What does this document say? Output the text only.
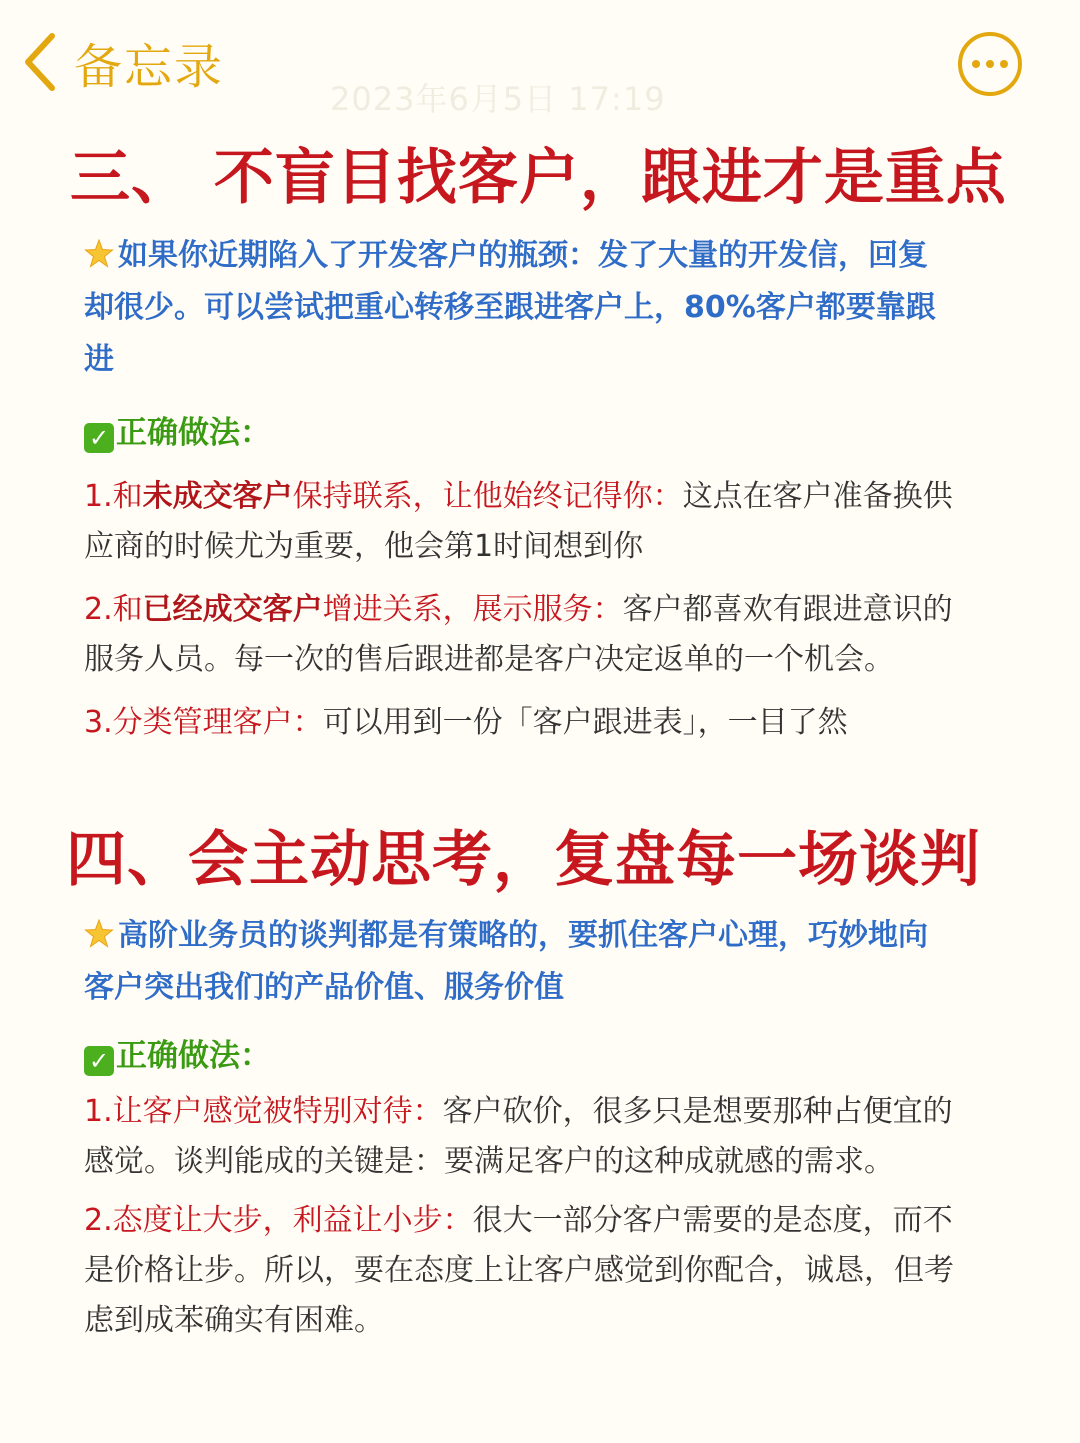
备忘录
2023年6月5日 17:19
三、 不盲目找客户，跟进才是重点
如果你近期陷入了开发客户的瓶颈：发了大量的开发信，回复却很少。可以尝试把重心转移至跟进客户上，80%客户都要靠跟进
✓ 正确做法：
1.和未成交客户保持联系，让他始终记得你：这点在客户准备换供应商的时候尤为重要，他会第1时间想到你
2.和已经成交客户增进关系，展示服务：客户都喜欢有跟进意识的服务人员。每一次的售后跟进都是客户决定返单的一个机会。
3.分类管理客户：可以用到一份「客户跟进表」，一目了然
四、会主动思考，复盘每一场谈判
高阶业务员的谈判都是有策略的，要抓住客户心理，巧妙地向客户突出我们的产品价值、服务价值
✓ 正确做法：
1.让客户感觉被特别对待：客户砍价，很多只是想要那种占便宜的感觉。谈判能成的关键是：要满足客户的这种成就感的需求。
2.态度让大步，利益让小步：很大一部分客户需要的是态度，而不是价格让步。所以，要在态度上让客户感觉到你配合，诚恳，但考虑到成苯确实有困难。
